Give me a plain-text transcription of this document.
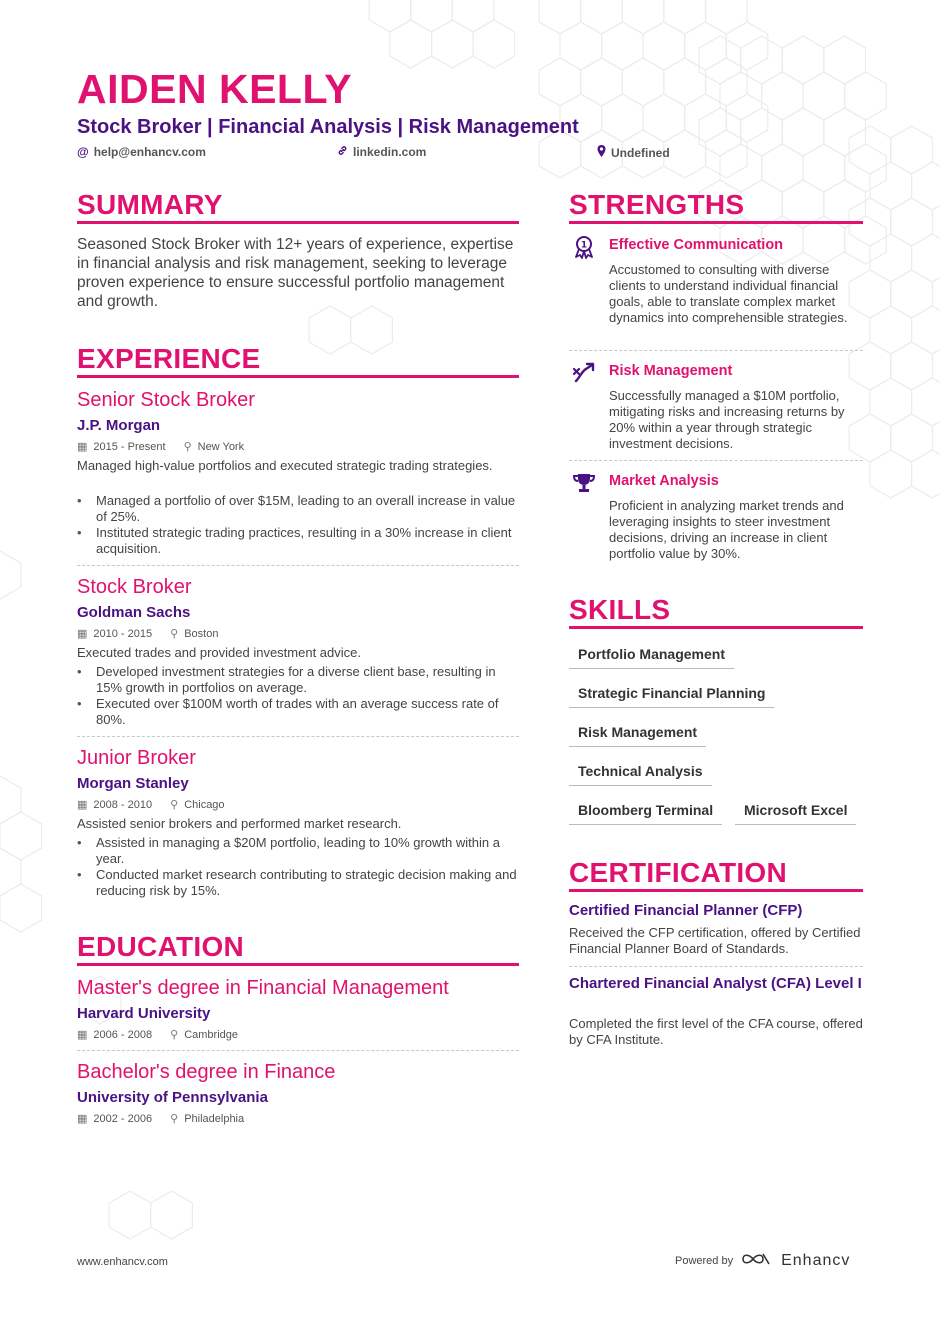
AIDEN KELLY
Stock Broker | Financial Analysis | Risk Management
@ help@enhancv.com	linkedin.com	Undefined
SUMMARY
Seasoned Stock Broker with 12+ years of experience, expertise in financial analysis and risk management, seeking to leverage proven experience to ensure successful portfolio management and growth.
EXPERIENCE
Senior Stock Broker
J.P. Morgan
▦ 2015 - Present ⚲ New York
Managed high-value portfolios and executed strategic trading strategies.
• Managed a portfolio of over $15M, leading to an overall increase in value of 25%.
• Instituted strategic trading practices, resulting in a 30% increase in client acquisition.
Stock Broker
Goldman Sachs
▦ 2010 - 2015 ⚲ Boston
Executed trades and provided investment advice.
• Developed investment strategies for a diverse client base, resulting in 15% growth in portfolios on average.
• Executed over $100M worth of trades with an average success rate of 80%.
Junior Broker
Morgan Stanley
▦ 2008 - 2010 ⚲ Chicago
Assisted senior brokers and performed market research.
• Assisted in managing a $20M portfolio, leading to 10% growth within a year.
• Conducted market research contributing to strategic decision making and reducing risk by 15%.
EDUCATION
Master's degree in Financial Management
Harvard University
▦ 2006 - 2008 ⚲ Cambridge
Bachelor's degree in Finance
University of Pennsylvania
▦ 2002 - 2006 ⚲ Philadelphia
STRENGTHS
1 Effective Communication
Accustomed to consulting with diverse clients to understand individual financial goals, able to translate complex market dynamics into comprehensible strategies.
Risk Management
Successfully managed a $10M portfolio, mitigating risks and increasing returns by 20% within a year through strategic investment decisions.
Market Analysis
Proficient in analyzing market trends and leveraging insights to steer investment decisions, driving an increase in client portfolio value by 30%.
SKILLS
Portfolio Management
Strategic Financial Planning
Risk Management
Technical Analysis
Bloomberg Terminal	Microsoft Excel
CERTIFICATION
Certified Financial Planner (CFP)
Received the CFP certification, offered by Certified Financial Planner Board of Standards.
Chartered Financial Analyst (CFA) Level I
Completed the first level of the CFA course, offered by CFA Institute.
www.enhancv.com	Powered by	Enhancv
